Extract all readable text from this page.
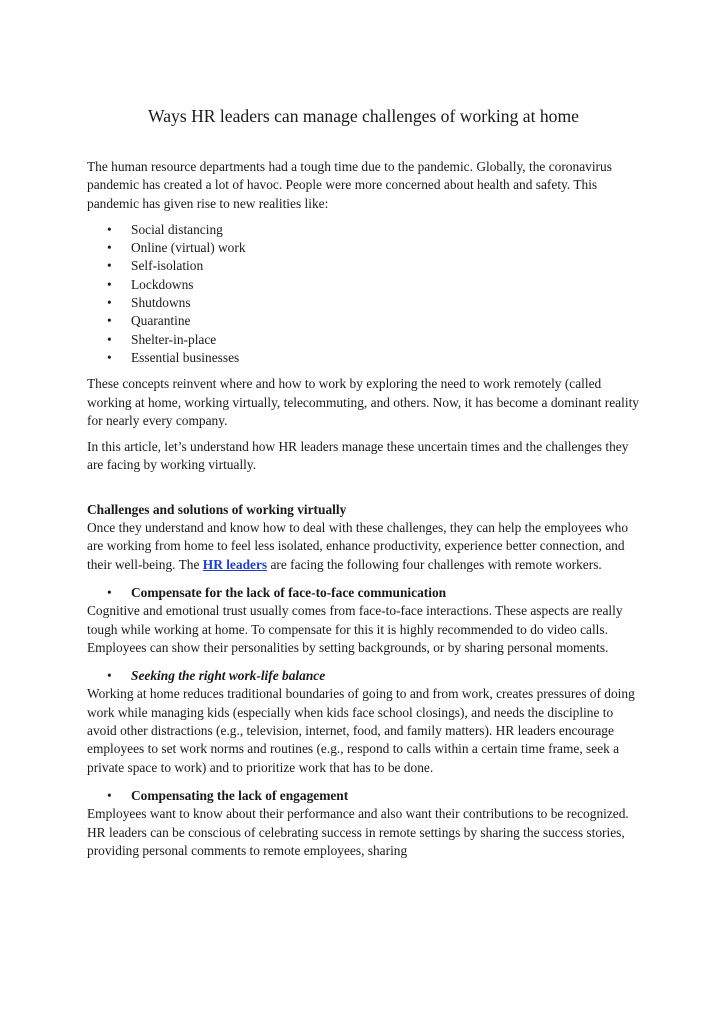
Ways HR leaders can manage challenges of working at home

The human resource departments had a tough time due to the pandemic. Globally, the coronavirus pandemic has created a lot of havoc. People were more concerned about health and safety. This pandemic has given rise to new realities like:

• Social distancing
• Online (virtual) work
• Self-isolation
• Lockdowns
• Shutdowns
• Quarantine
• Shelter-in-place
• Essential businesses

These concepts reinvent where and how to work by exploring the need to work remotely (called working at home, working virtually, telecommuting, and others. Now, it has become a dominant reality for nearly every company.

In this article, let’s understand how HR leaders manage these uncertain times and the challenges they are facing by working virtually.

Challenges and solutions of working virtually

Once they understand and know how to deal with these challenges, they can help the employees who are working from home to feel less isolated, enhance productivity, experience better connection, and their well-being. The HR leaders are facing the following four challenges with remote workers.

• Compensate for the lack of face-to-face communication

Cognitive and emotional trust usually comes from face-to-face interactions. These aspects are really tough while working at home. To compensate for this it is highly recommended to do video calls. Employees can show their personalities by setting backgrounds, or by sharing personal moments.

• Seeking the right work-life balance

Working at home reduces traditional boundaries of going to and from work, creates pressures of doing work while managing kids (especially when kids face school closings), and needs the discipline to avoid other distractions (e.g., television, internet, food, and family matters). HR leaders encourage employees to set work norms and routines (e.g., respond to calls within a certain time frame, seek a private space to work) and to prioritize work that has to be done.

• Compensating the lack of engagement

Employees want to know about their performance and also want their contributions to be recognized. HR leaders can be conscious of celebrating success in remote settings by sharing the success stories, providing personal comments to remote employees, sharing
